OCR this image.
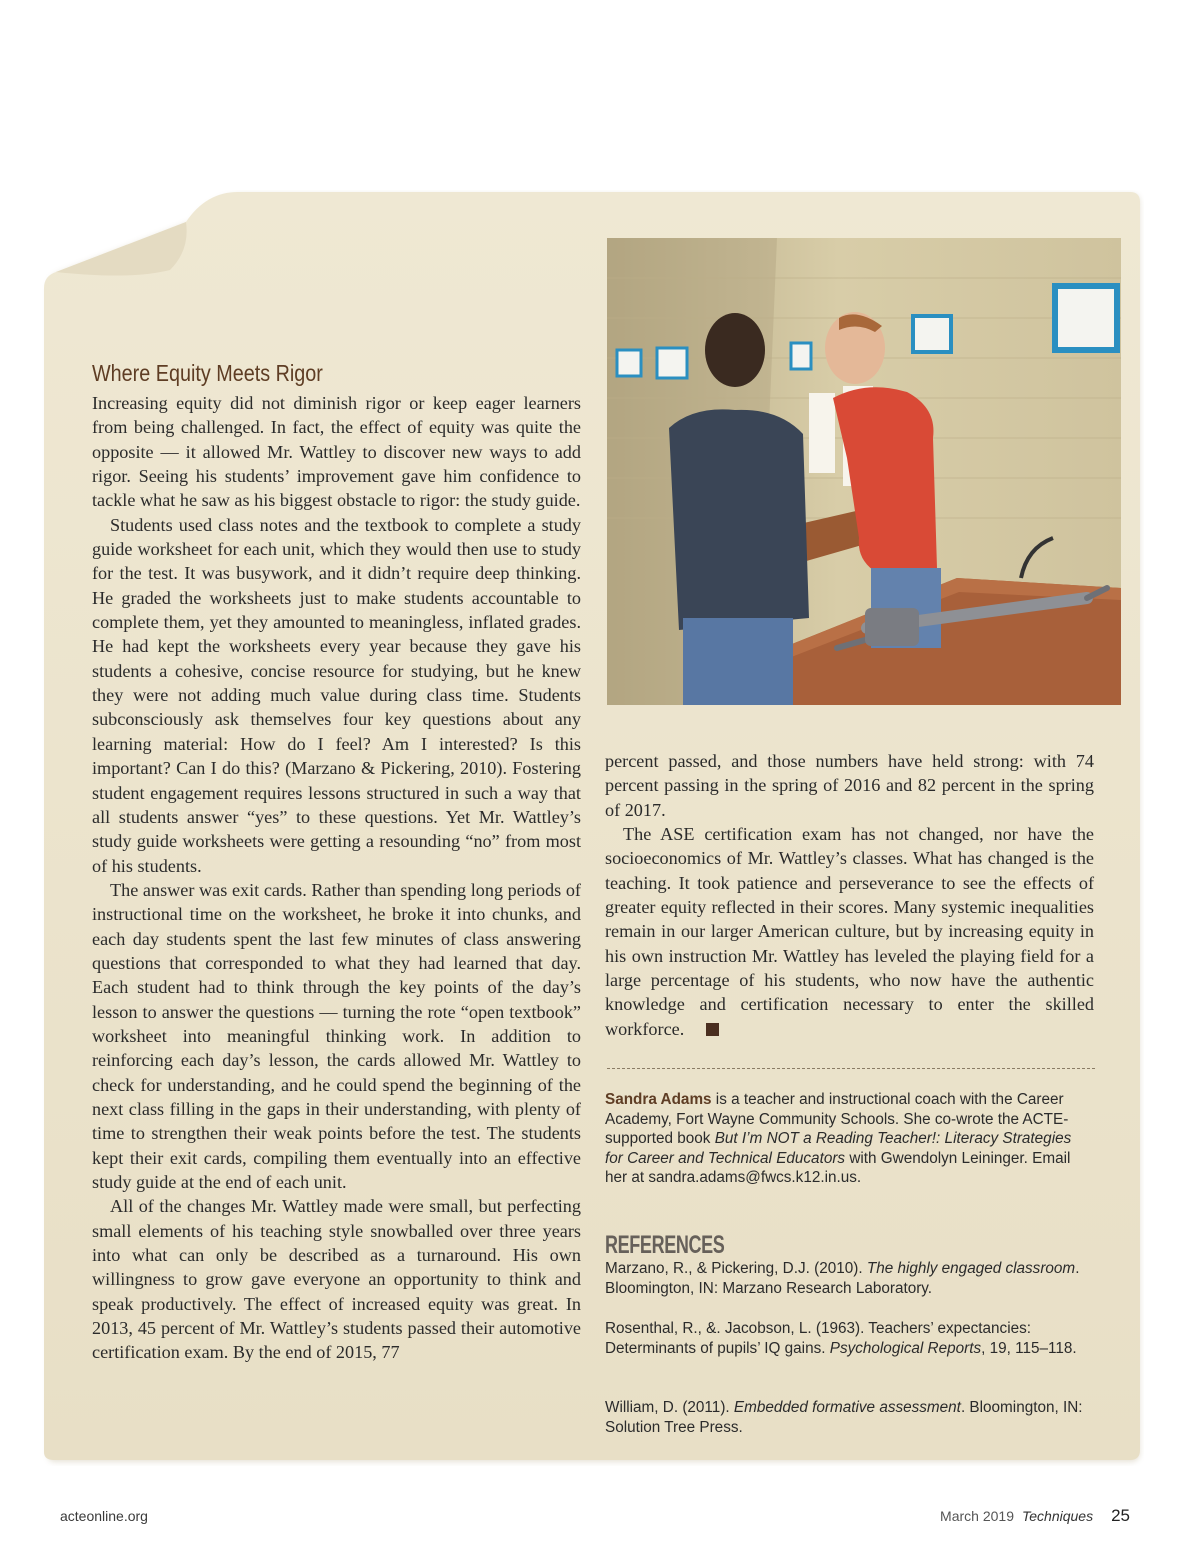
Where Equity Meets Rigor

Increasing equity did not diminish rigor or keep eager learners from being challenged. In fact, the effect of equity was quite the opposite — it allowed Mr. Wattley to discover new ways to add rigor. Seeing his students’ improvement gave him confidence to tackle what he saw as his biggest obstacle to rigor: the study guide.

Students used class notes and the textbook to complete a study guide worksheet for each unit, which they would then use to study for the test. It was busywork, and it didn’t require deep thinking. He graded the worksheets just to make students accountable to complete them, yet they amounted to meaningless, inflated grades. He had kept the worksheets every year because they gave his students a cohesive, concise resource for studying, but he knew they were not adding much value during class time. Students subconsciously ask themselves four key questions about any learning material: How do I feel? Am I interested? Is this important? Can I do this? (Marzano & Pickering, 2010). Fostering student engagement requires lessons structured in such a way that all students answer “yes” to these questions. Yet Mr. Wattley’s study guide worksheets were getting a resounding “no” from most of his students.

The answer was exit cards. Rather than spending long periods of instructional time on the worksheet, he broke it into chunks, and each day students spent the last few minutes of class answering questions that corresponded to what they had learned that day. Each student had to think through the key points of the day’s lesson to answer the questions — turning the rote “open textbook” worksheet into meaningful thinking work. In addition to reinforcing each day’s lesson, the cards allowed Mr. Wattley to check for understanding, and he could spend the beginning of the next class filling in the gaps in their understanding, with plenty of time to strengthen their weak points before the test. The students kept their exit cards, compiling them eventually into an effective study guide at the end of each unit.

All of the changes Mr. Wattley made were small, but perfecting small elements of his teaching style snowballed over three years into what can only be described as a turnaround. His own willingness to grow gave everyone an opportunity to think and speak productively. The effect of increased equity was great. In 2013, 45 percent of Mr. Wattley’s students passed their automotive certification exam. By the end of 2015, 77

percent passed, and those numbers have held strong: with 74 percent passing in the spring of 2016 and 82 percent in the spring of 2017.

The ASE certification exam has not changed, nor have the socioeconomics of Mr. Wattley’s classes. What has changed is the teaching. It took patience and perseverance to see the effects of greater equity reflected in their scores. Many systemic inequalities remain in our larger American culture, but by increasing equity in his own instruction Mr. Wattley has leveled the playing field for a large percentage of his students, who now have the authentic knowledge and certification necessary to enter the skilled workforce.

Sandra Adams is a teacher and instructional coach with the Career Academy, Fort Wayne Community Schools. She co-wrote the ACTE-supported book But I’m NOT a Reading Teacher!: Literacy Strategies for Career and Technical Educators with Gwendolyn Leininger. Email her at sandra.adams@fwcs.k12.in.us.

REFERENCES

Marzano, R., & Pickering, D.J. (2010). The highly engaged classroom. Bloomington, IN: Marzano Research Laboratory.

Rosenthal, R., &. Jacobson, L. (1963). Teachers’ expectancies: Determinants of pupils’ IQ gains. Psychological Reports, 19, 115–118.

William, D. (2011). Embedded formative assessment. Bloomington, IN: Solution Tree Press.

acteonline.org	March 2019 Techniques 25
